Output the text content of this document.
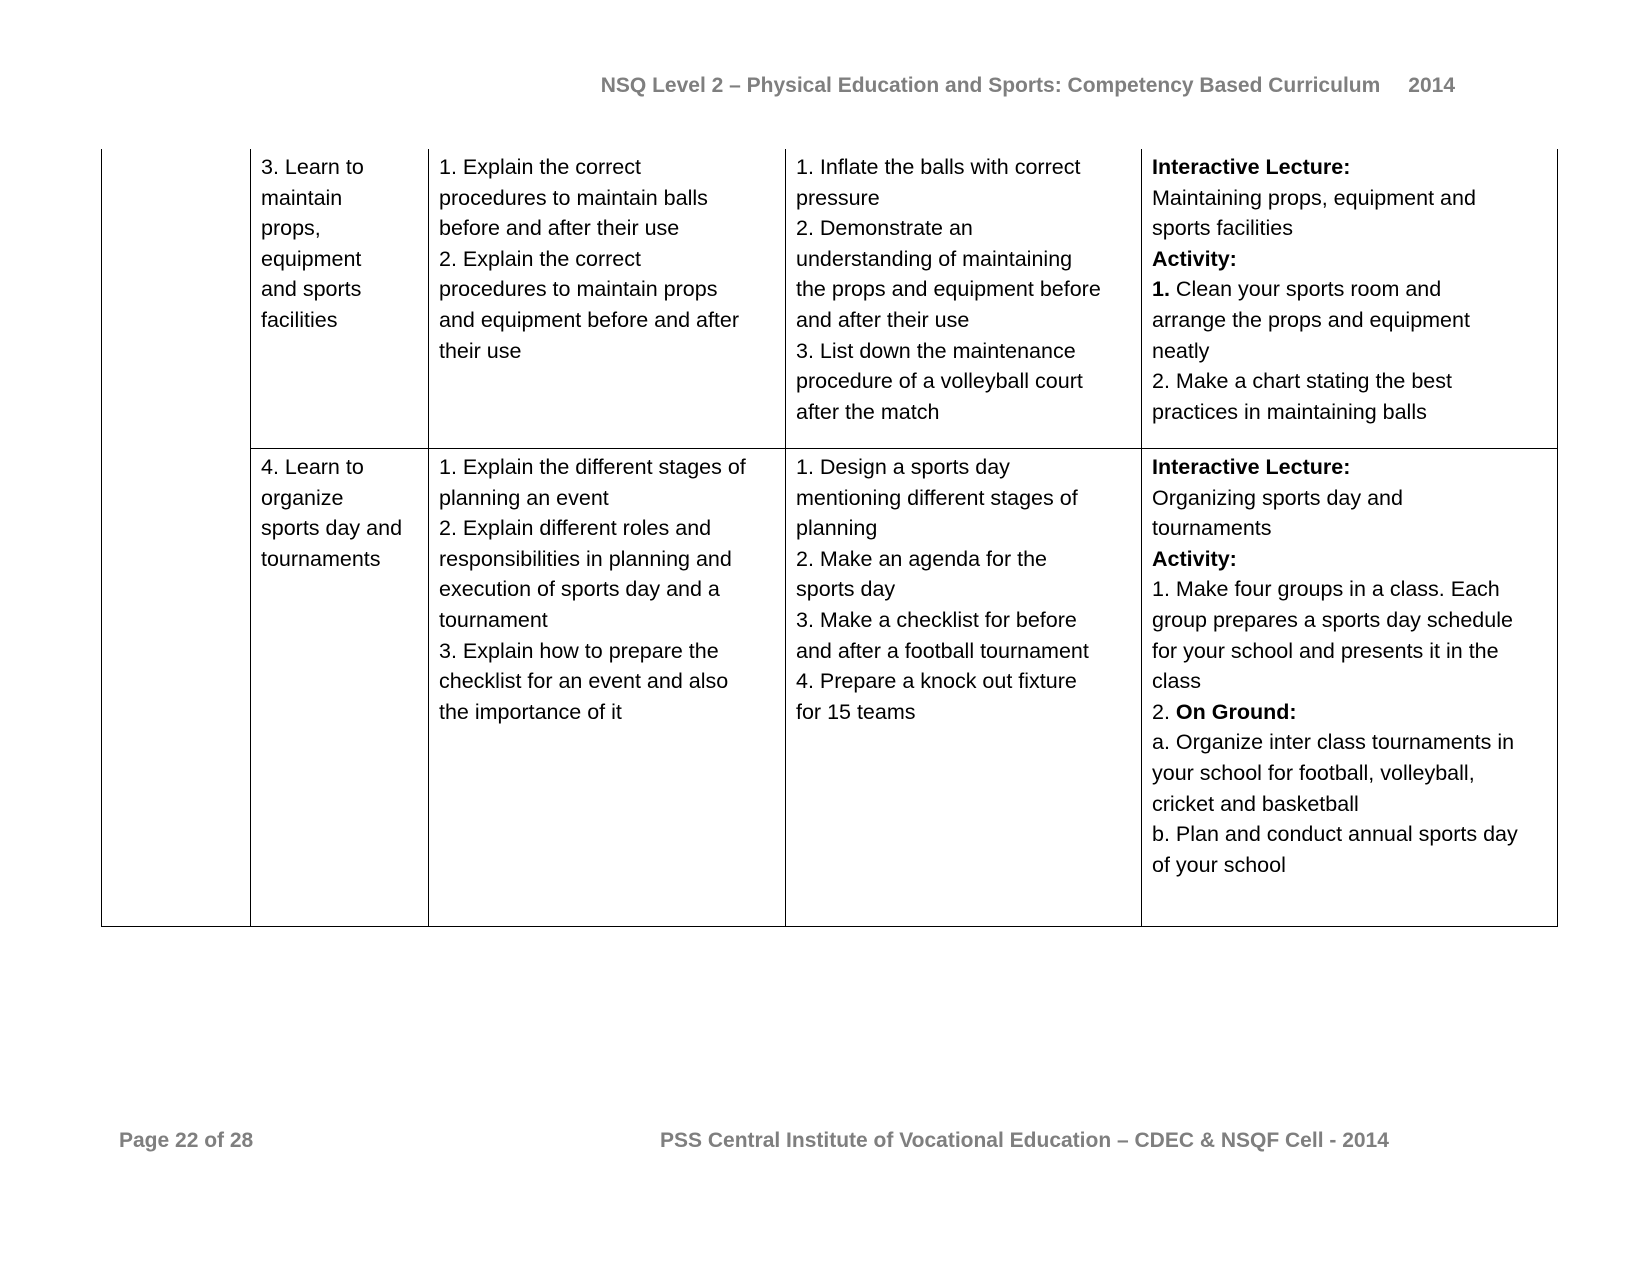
NSQ Level 2 – Physical Education and Sports: Competency Based Curriculum 2014
3. Learn to
maintain
props,
equipment
and sports
facilities
1. Explain the correct
procedures to maintain balls
before and after their use
2. Explain the correct
procedures to maintain props
and equipment before and after
their use
1. Inflate the balls with correct
pressure
2. Demonstrate an
understanding of maintaining
the props and equipment before
and after their use
3. List down the maintenance
procedure of a volleyball court
after the match
Interactive Lecture:
Maintaining props, equipment and
sports facilities
Activity:
1. Clean your sports room and
arrange the props and equipment
neatly
2. Make a chart stating the best
practices in maintaining balls
4. Learn to
organize
sports day and
tournaments
1. Explain the different stages of
planning an event
2. Explain different roles and
responsibilities in planning and
execution of sports day and a
tournament
3. Explain how to prepare the
checklist for an event and also
the importance of it
1. Design a sports day
mentioning different stages of
planning
2. Make an agenda for the
sports day
3. Make a checklist for before
and after a football tournament
4. Prepare a knock out fixture
for 15 teams
Interactive Lecture:
Organizing sports day and
tournaments
Activity:
1. Make four groups in a class. Each
group prepares a sports day schedule
for your school and presents it in the
class
2. On Ground:
a. Organize inter class tournaments in
your school for football, volleyball,
cricket and basketball
b. Plan and conduct annual sports day
of your school
Page 22 of 28	PSS Central Institute of Vocational Education – CDEC & NSQF Cell - 2014
